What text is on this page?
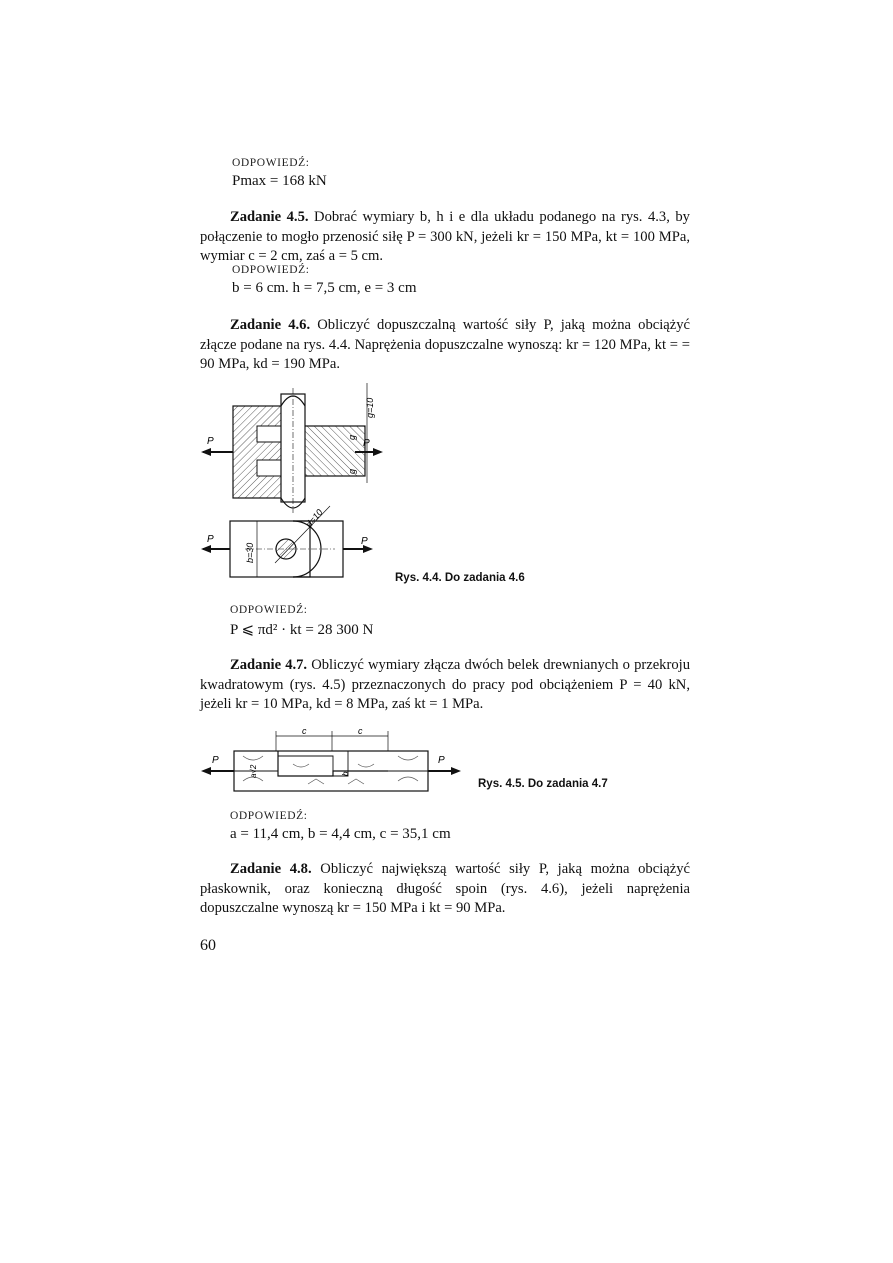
ODPOWIEDŹ:
Pmax = 168 kN
Zadanie 4.5. Dobrać wymiary b, h i e dla układu podanego na rys. 4.3, by połączenie to mogło przenosić siłę P = 300 kN, jeżeli kr = 150 MPa, kt = 100 MPa, wymiar c = 2 cm, zaś a = 5 cm.
ODPOWIEDŹ:
b = 6 cm. h = 7,5 cm, e = 3 cm
Zadanie 4.6. Obliczyć dopuszczalną wartość siły P, jaką można obciążyć złącze podane na rys. 4.4. Naprężenia dopuszczalne wynoszą: kr = 120 MPa, kt = = 90 MPa, kd = 190 MPa.
P	P
g=10
g
g
b=30
d=10
P	P
Rys. 4.4. Do zadania 4.6
ODPOWIEDŹ:
P ⩽ πd² · kt = 28 300 N
Zadanie 4.7. Obliczyć wymiary złącza dwóch belek drewnianych o przekroju kwadratowym (rys. 4.5) przeznaczonych do pracy pod obciążeniem P = 40 kN, jeżeli kr = 10 MPa, kd = 8 MPa, zaś kt = 1 MPa.
c	c
a√2	b
P	P
Rys. 4.5. Do zadania 4.7
ODPOWIEDŹ:
a = 11,4 cm, b = 4,4 cm, c = 35,1 cm
Zadanie 4.8. Obliczyć największą wartość siły P, jaką można obciążyć płaskownik, oraz konieczną długość spoin (rys. 4.6), jeżeli naprężenia dopuszczalne wynoszą kr = 150 MPa i kt = 90 MPa.
60
